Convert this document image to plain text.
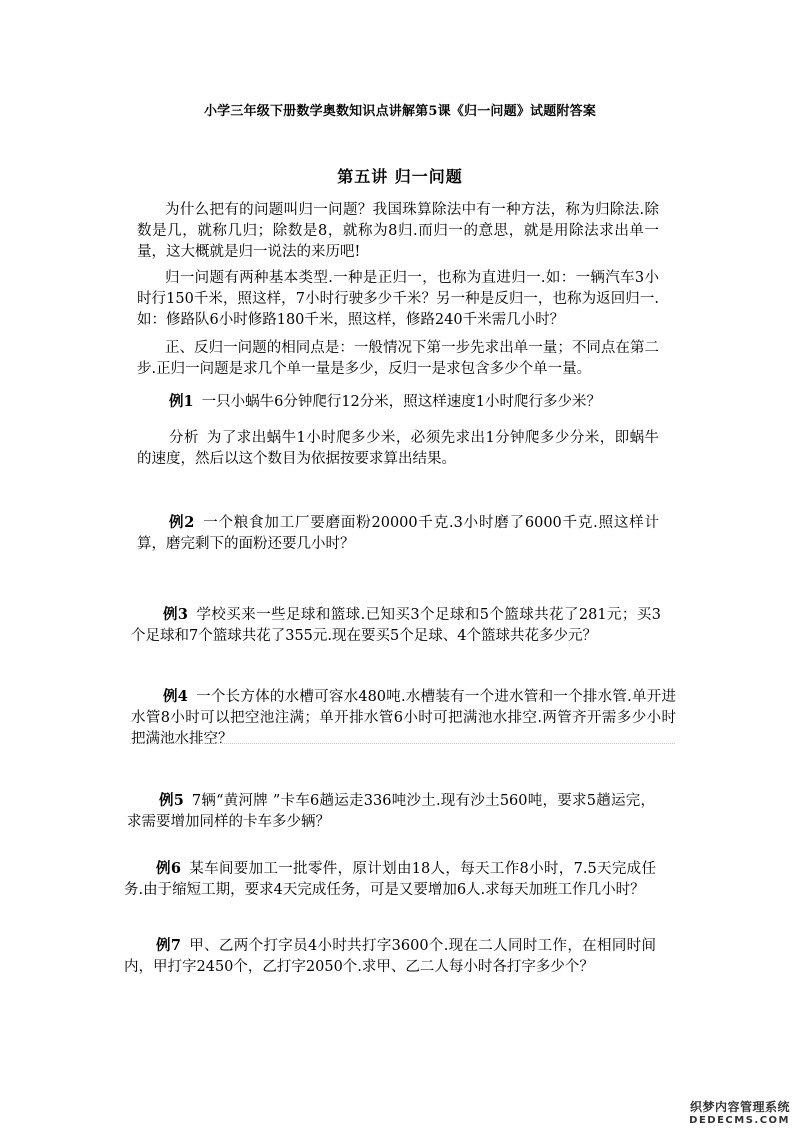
小学三年级下册数学奥数知识点讲解第5课《归一问题》试题附答案
第五讲 归一问题

为什么把有的问题叫归一问题？我国珠算除法中有一种方法，称为归除法.除数是几，就称几归；除数是8，就称为8归.而归一的意思，就是用除法求出单一量，这大概就是归一说法的来历吧!

归一问题有两种基本类型.一种是正归一，也称为直进归一.如：一辆汽车3小时行150千米，照这样，7小时行驶多少千米？另一种是反归一，也称为返回归一.如：修路队6小时修路180千米，照这样，修路240千米需几小时？

正、反归一问题的相同点是：一般情况下第一步先求出单一量；不同点在第二步.正归一问题是求几个单一量是多少，反归一是求包含多少个单一量。

例1 一只小蜗牛6分钟爬行12分米，照这样速度1小时爬行多少米？

分析 为了求出蜗牛1小时爬多少米，必须先求出1分钟爬多少分米，即蜗牛的速度，然后以这个数目为依据按要求算出结果。

例2 一个粮食加工厂要磨面粉20000千克.3小时磨了6000千克.照这样计算，磨完剩下的面粉还要几小时？

例3 学校买来一些足球和篮球.已知买3个足球和5个篮球共花了281元；买3个足球和7个篮球共花了355元.现在要买5个足球、4个篮球共花多少元？

例4 一个长方体的水槽可容水480吨.水槽装有一个进水管和一个排水管.单开进水管8小时可以把空池注满；单开排水管6小时可把满池水排空.两管齐开需多少小时把满池水排空？

例5 7辆“黄河牌 ”卡车6趟运走336吨沙土.现有沙土560吨，要求5趟运完，求需要增加同样的卡车多少辆？

例6 某车间要加工一批零件，原计划由18人，每天工作8小时，7.5天完成任务.由于缩短工期，要求4天完成任务，可是又要增加6人.求每天加班工作几小时？

例7 甲、乙两个打字员4小时共打字3600个.现在二人同时工作，在相同时间内，甲打字2450个，乙打字2050个.求甲、乙二人每小时各打字多少个？

织梦内容管理系统
DEDECMS.COM
